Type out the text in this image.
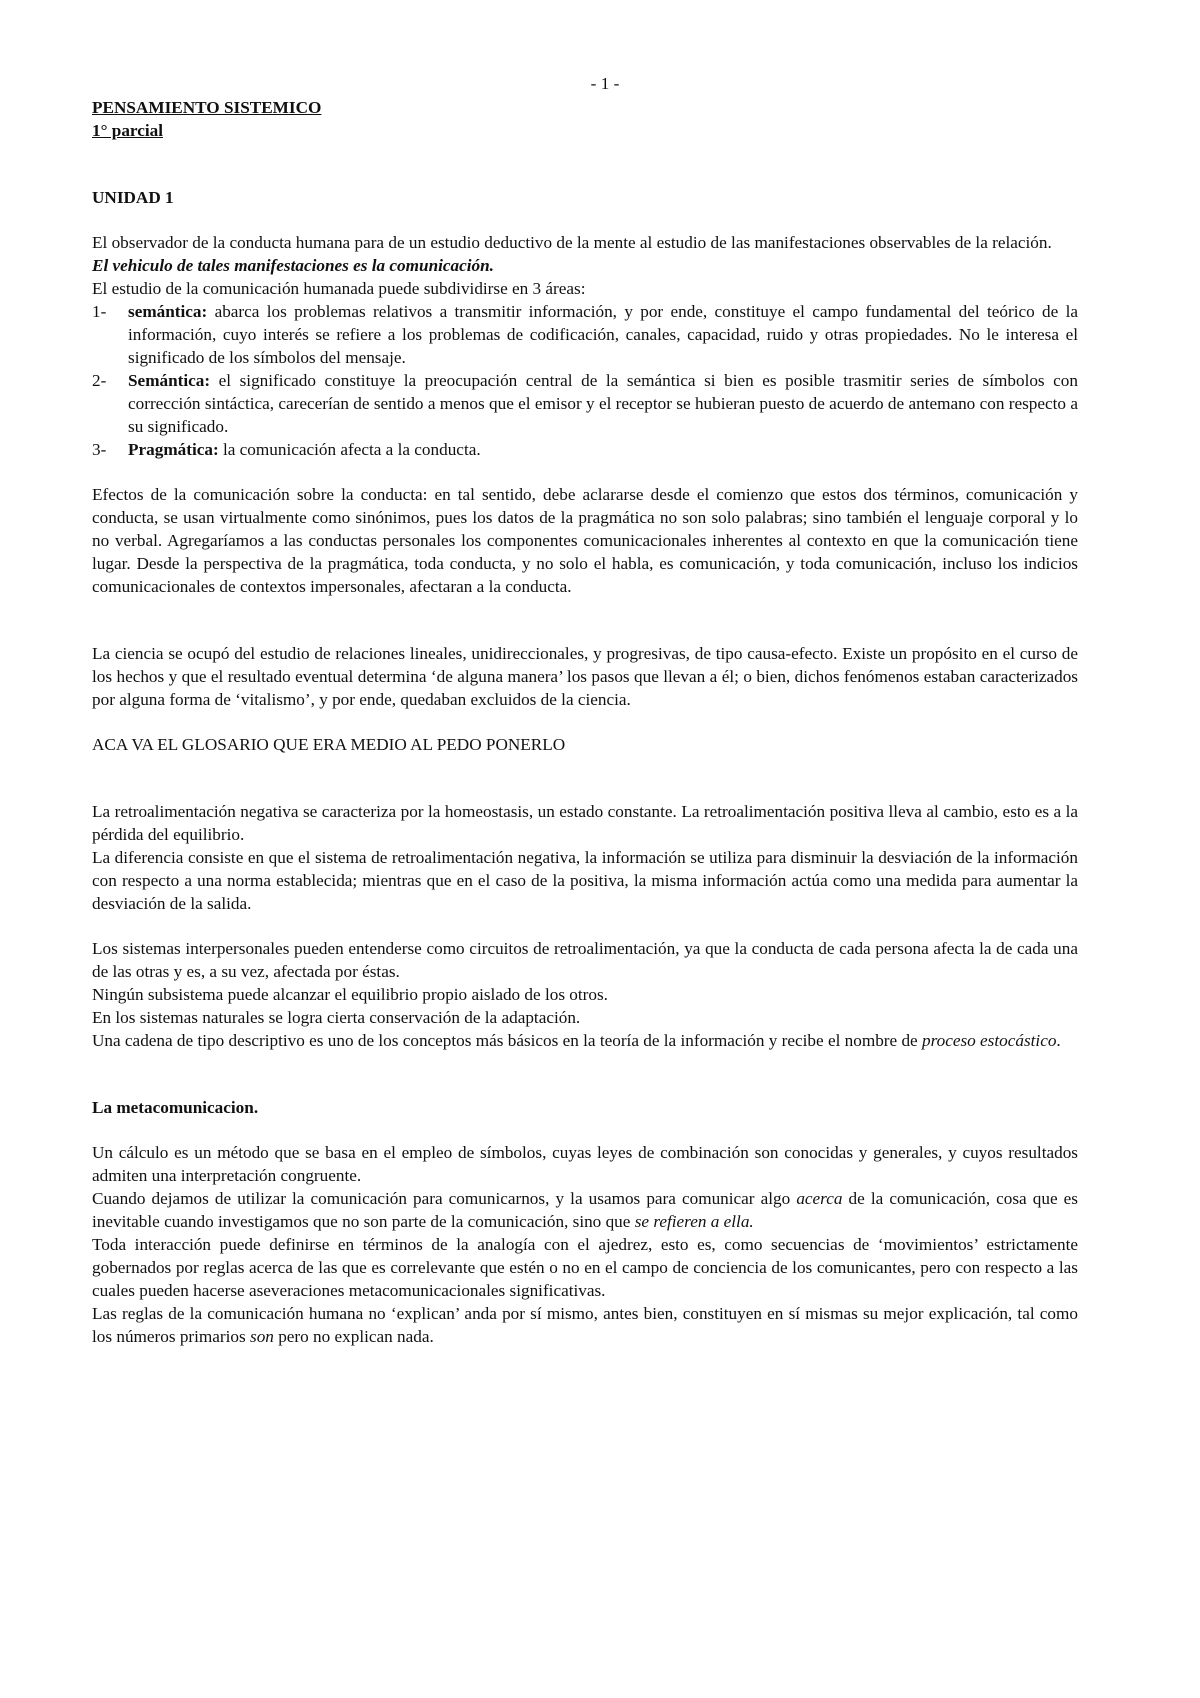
- 1 -

PENSAMIENTO SISTEMICO

1° parcial

UNIDAD 1

El observador de la conducta humana para de un estudio deductivo de la mente al estudio de las manifestaciones observables de la relación.

El vehiculo de tales manifestaciones es la comunicación.

El estudio de la comunicación humanada puede subdividirse en 3 áreas:

1-	semántica: abarca los problemas relativos a transmitir información, y por ende, constituye el campo fundamental del teórico de la información, cuyo interés se refiere a los problemas de codificación, canales, capacidad, ruido y otras propiedades. No le interesa el significado de los símbolos del mensaje.
2-	Semántica: el significado constituye la preocupación central de la semántica si bien es posible trasmitir series de símbolos con corrección sintáctica, carecerían de sentido a menos que el emisor y el receptor se hubieran puesto de acuerdo de antemano con respecto a su significado.
3-	Pragmática: la comunicación afecta a la conducta.

Efectos de la comunicación sobre la conducta: en tal sentido, debe aclararse desde el comienzo que estos dos términos, comunicación y conducta, se usan virtualmente como sinónimos, pues los datos de la pragmática no son solo palabras; sino también el lenguaje corporal y lo no verbal. Agregaríamos a las conductas personales los componentes comunicacionales inherentes al contexto en que la comunicación tiene lugar. Desde la perspectiva de la pragmática, toda conducta, y no solo el habla, es comunicación, y toda comunicación, incluso los indicios comunicacionales de contextos impersonales, afectaran a la conducta.

La ciencia se ocupó del estudio de relaciones lineales, unidireccionales, y progresivas, de tipo causa-efecto. Existe un propósito en el curso de los hechos y que el resultado eventual determina ‘de alguna manera’ los pasos que llevan a él; o bien, dichos fenómenos estaban caracterizados por alguna forma de ‘vitalismo’, y por ende, quedaban excluidos de la ciencia.

ACA VA EL GLOSARIO QUE ERA MEDIO AL PEDO PONERLO

La retroalimentación negativa se caracteriza por la homeostasis, un estado constante. La retroalimentación positiva lleva al cambio, esto es a la pérdida del equilibrio.

La diferencia consiste en que el sistema de retroalimentación negativa, la información se utiliza para disminuir la desviación de la información con respecto a una norma establecida; mientras que en el caso de la positiva, la misma información actúa como una medida para aumentar la desviación de la salida.

Los sistemas interpersonales pueden entenderse como circuitos de retroalimentación, ya que la conducta de cada persona afecta la de cada una de las otras y es, a su vez, afectada por éstas.

Ningún subsistema puede alcanzar el equilibrio propio aislado de los otros.

En los sistemas naturales se logra cierta conservación de la adaptación.

Una cadena de tipo descriptivo es uno de los conceptos más básicos en la teoría de la información y recibe el nombre de proceso estocástico.

La metacomunicacion.

Un cálculo es un método que se basa en el empleo de símbolos, cuyas leyes de combinación son conocidas y generales, y cuyos resultados admiten una interpretación congruente.

Cuando dejamos de utilizar la comunicación para comunicarnos, y la usamos para comunicar algo acerca de la comunicación, cosa que es inevitable cuando investigamos que no son parte de la comunicación, sino que se refieren a ella.

Toda interacción puede definirse en términos de la analogía con el ajedrez, esto es, como secuencias de ‘movimientos’ estrictamente gobernados por reglas acerca de las que es correlevante que estén o no en el campo de conciencia de los comunicantes, pero con respecto a las cuales pueden hacerse aseveraciones metacomunicacionales significativas.

Las reglas de la comunicación humana no ‘explican’ anda por sí mismo, antes bien, constituyen en sí mismas su mejor explicación, tal como los números primarios son pero no explican nada.
